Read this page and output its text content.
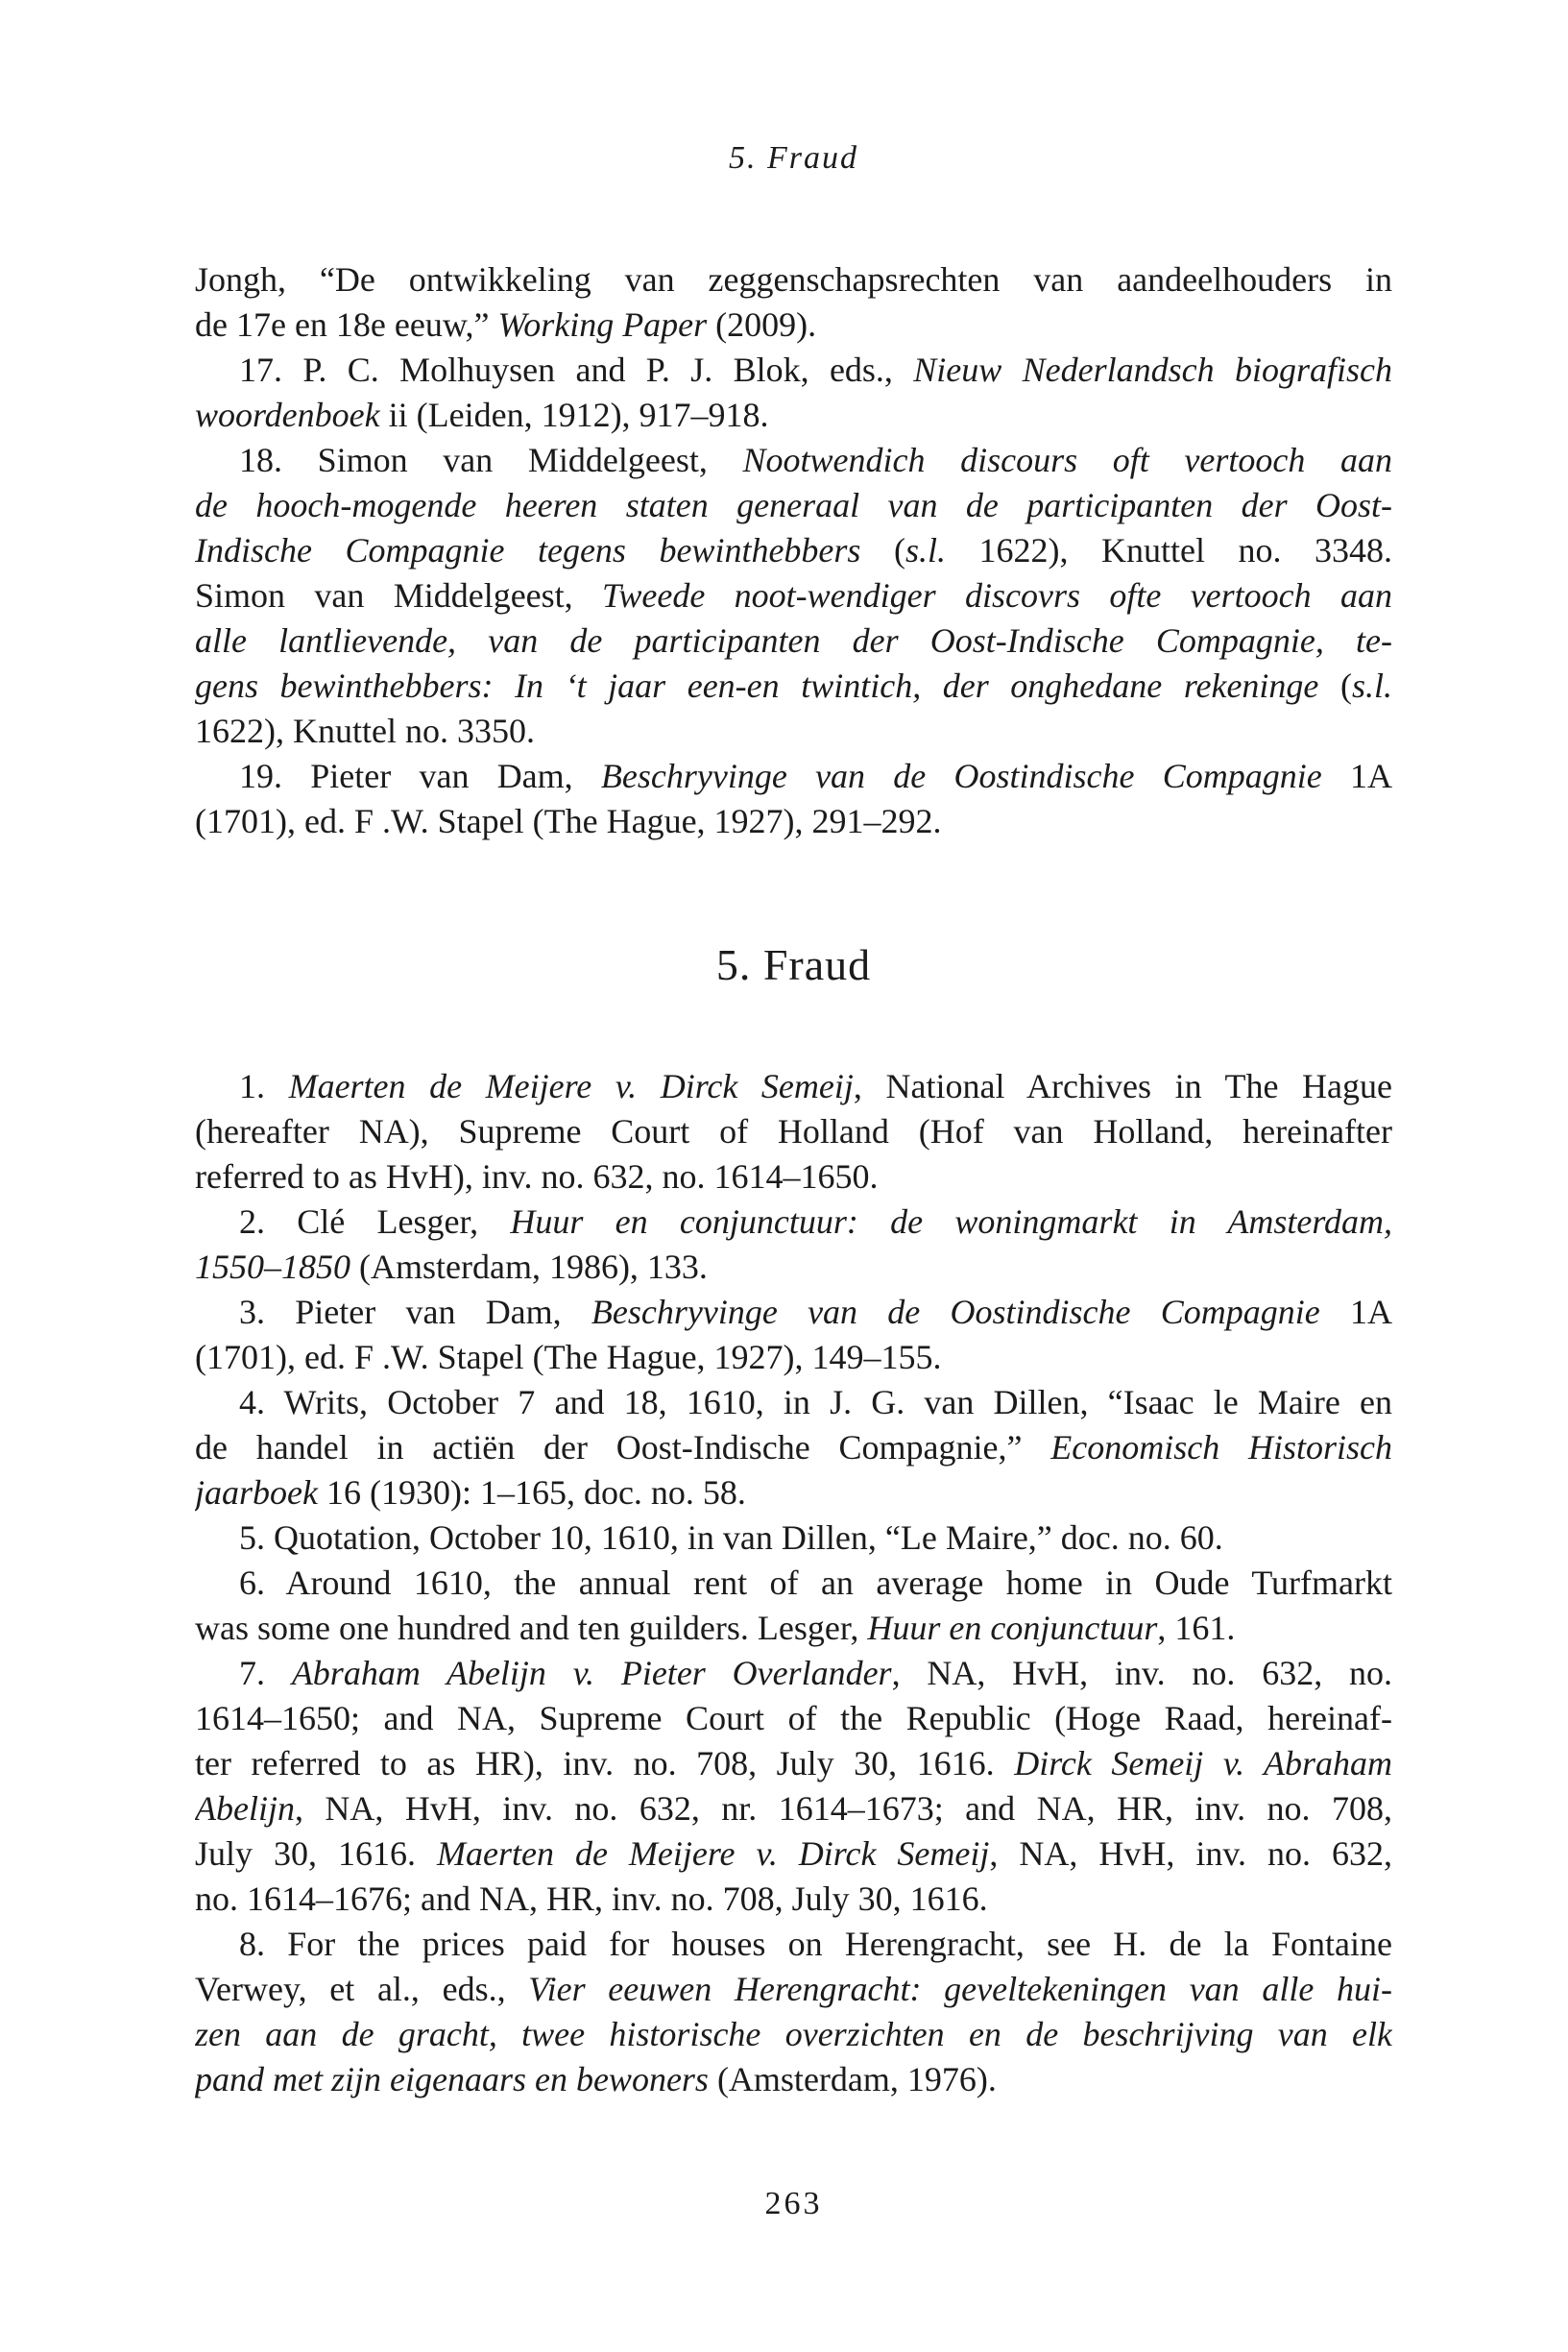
5. Fraud

Jongh, “De ontwikkeling van zeggenschapsrechten van aandeelhouders in
de 17e en 18e eeuw,” Working Paper (2009).

17. P. C. Molhuysen and P. J. Blok, eds., Nieuw Nederlandsch biografisch
woordenboek ii (Leiden, 1912), 917–918.

18. Simon van Middelgeest, Nootwendich discours oft vertooch aan
de hooch-mogende heeren staten generaal van de participanten der Oost-
Indische Compagnie tegens bewinthebbers (s.l. 1622), Knuttel no. 3348.
Simon van Middelgeest, Tweede noot-wendiger discovrs ofte vertooch aan
alle lantlievende, van de participanten der Oost-Indische Compagnie, te-
gens bewinthebbers: In ‘t jaar een-en twintich, der onghedane rekeninge (s.l.
1622), Knuttel no. 3350.

19. Pieter van Dam, Beschryvinge van de Oostindische Compagnie 1A
(1701), ed. F .W. Stapel (The Hague, 1927), 291–292.

5. Fraud

1. Maerten de Meijere v. Dirck Semeij, National Archives in The Hague
(hereafter NA), Supreme Court of Holland (Hof van Holland, hereinafter
referred to as HvH), inv. no. 632, no. 1614–1650.

2. Clé Lesger, Huur en conjunctuur: de woningmarkt in Amsterdam,
1550–1850 (Amsterdam, 1986), 133.

3. Pieter van Dam, Beschryvinge van de Oostindische Compagnie 1A
(1701), ed. F .W. Stapel (The Hague, 1927), 149–155.

4. Writs, October 7 and 18, 1610, in J. G. van Dillen, “Isaac le Maire en
de handel in actiën der Oost-Indische Compagnie,” Economisch Historisch
jaarboek 16 (1930): 1–165, doc. no. 58.

5. Quotation, October 10, 1610, in van Dillen, “Le Maire,” doc. no. 60.

6. Around 1610, the annual rent of an average home in Oude Turfmarkt
was some one hundred and ten guilders. Lesger, Huur en conjunctuur, 161.

7. Abraham Abelijn v. Pieter Overlander, NA, HvH, inv. no. 632, no.
1614–1650; and NA, Supreme Court of the Republic (Hoge Raad, hereinaf-
ter referred to as HR), inv. no. 708, July 30, 1616. Dirck Semeij v. Abraham
Abelijn, NA, HvH, inv. no. 632, nr. 1614–1673; and NA, HR, inv. no. 708,
July 30, 1616. Maerten de Meijere v. Dirck Semeij, NA, HvH, inv. no. 632,
no. 1614–1676; and NA, HR, inv. no. 708, July 30, 1616.

8. For the prices paid for houses on Herengracht, see H. de la Fontaine
Verwey, et al., eds., Vier eeuwen Herengracht: geveltekeningen van alle hui-
zen aan de gracht, twee historische overzichten en de beschrijving van elk
pand met zijn eigenaars en bewoners (Amsterdam, 1976).

263
